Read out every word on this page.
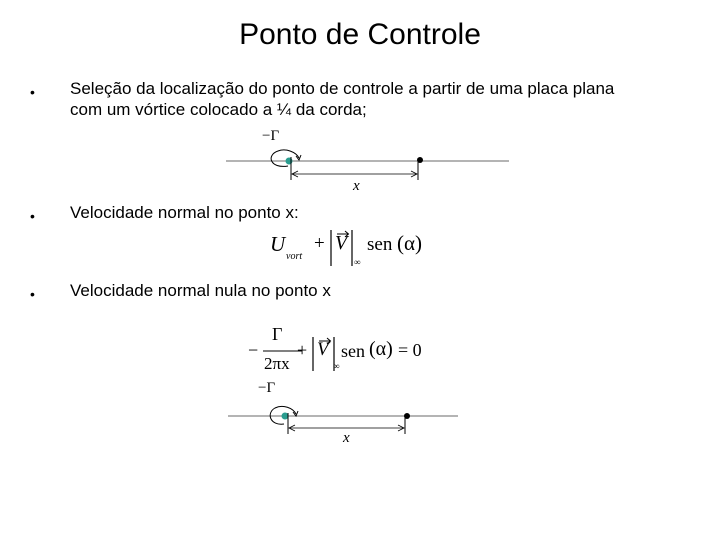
Ponto de Controle
• Seleção da localização do ponto de controle a partir de uma placa plana
com um vórtice colocado a ¼ da corda;
−Γ
x
• Velocidade normal no ponto x:
U
vort
+ V
∞
sen (α)
• Velocidade normal nula no ponto x
−
Γ
2πx
+ V
∞
sen (α) = 0
−Γ
x
